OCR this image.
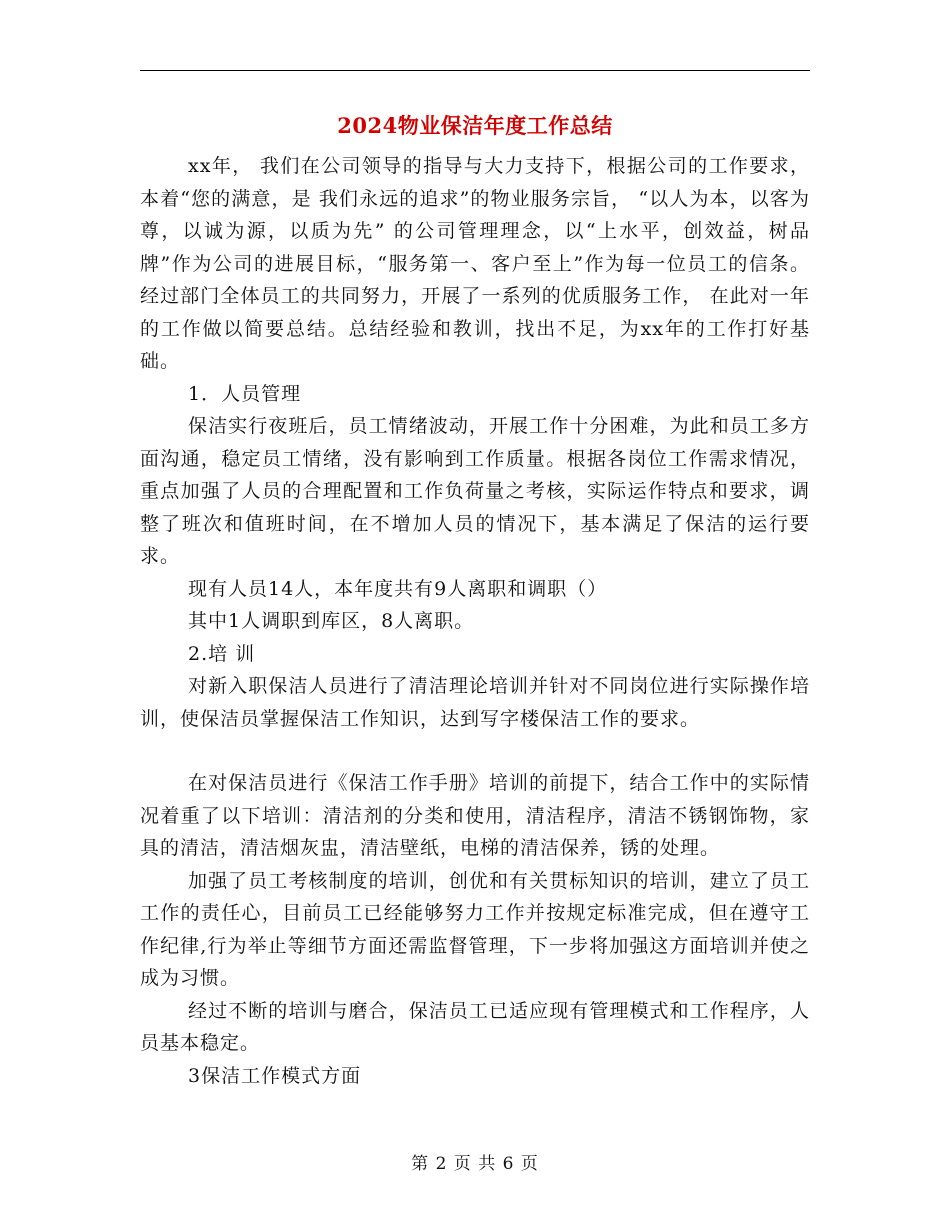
2024物业保洁年度工作总结

xx年， 我们在公司领导的指导与大力支持下，根据公司的工作要求，本着“您的满意，是 我们永远的追求”的物业服务宗旨， “以人为本，以客为尊，以诚为源，以质为先” 的公司管理理念，以“上水平，创效益，树品牌”作为公司的进展目标，“服务第一、客户至上”作为每一位员工的信条。经过部门全体员工的共同努力，开展了一系列的优质服务工作， 在此对一年的工作做以简要总结。总结经验和教训，找出不足，为xx年的工作打好基础。

1．人员管理

保洁实行夜班后，员工情绪波动，开展工作十分困难，为此和员工多方面沟通，稳定员工情绪，没有影响到工作质量。根据各岗位工作需求情况，重点加强了人员的合理配置和工作负荷量之考核，实际运作特点和要求，调整了班次和值班时间，在不增加人员的情况下，基本满足了保洁的运行要求。

现有人员14人，本年度共有9人离职和调职（）

其中1人调职到库区，8人离职。

2.培 训

对新入职保洁人员进行了清洁理论培训并针对不同岗位进行实际操作培训，使保洁员掌握保洁工作知识，达到写字楼保洁工作的要求。

在对保洁员进行《保洁工作手册》培训的前提下，结合工作中的实际情况着重了以下培训：清洁剂的分类和使用，清洁程序，清洁不锈钢饰物，家具的清洁，清洁烟灰盅，清洁壁纸，电梯的清洁保养，锈的处理。

加强了员工考核制度的培训，创优和有关贯标知识的培训，建立了员工工作的责任心，目前员工已经能够努力工作并按规定标准完成，但在遵守工作纪律,行为举止等细节方面还需监督管理，下一步将加强这方面培训并使之成为习惯。

经过不断的培训与磨合，保洁员工已适应现有管理模式和工作程序，人员基本稳定。

3保洁工作模式方面

第 2 页 共 6 页
